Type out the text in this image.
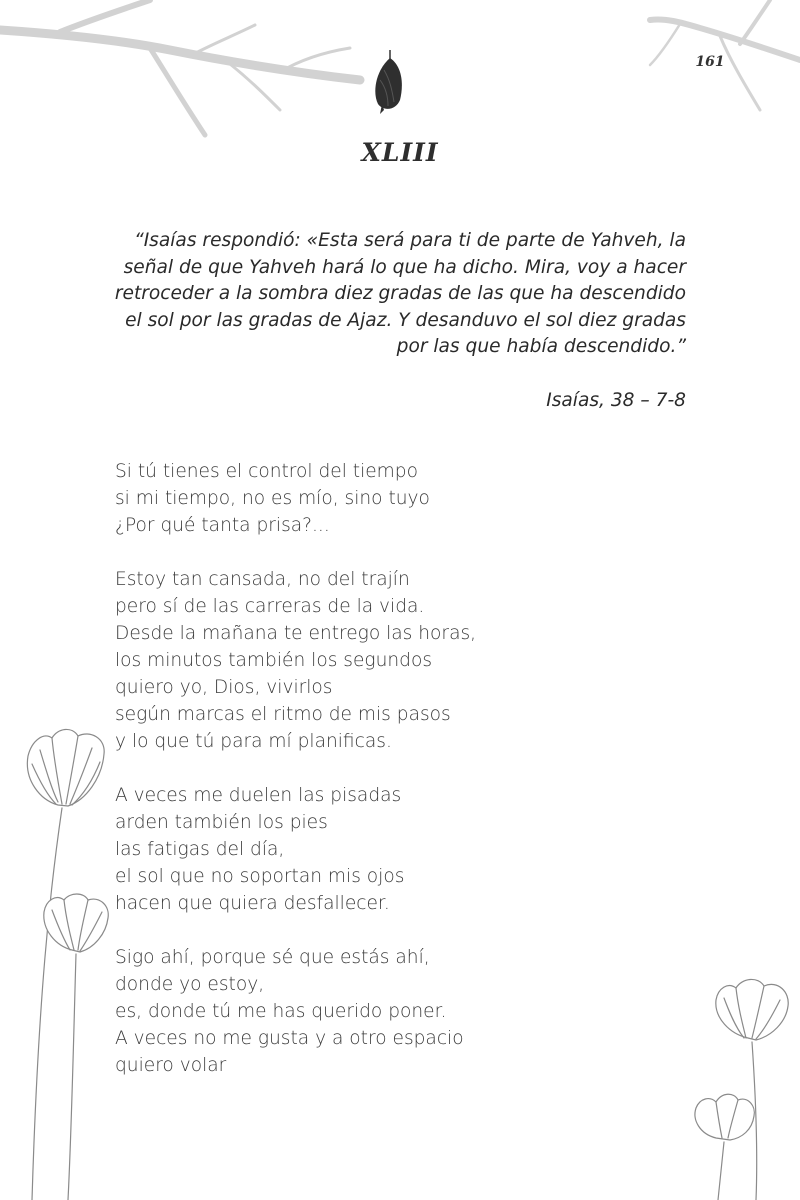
161
XLIII
“Isaías respondió: «Esta será para ti de parte de Yahveh, la
señal de que Yahveh hará lo que ha dicho. Mira, voy a hacer
retroceder a la sombra diez gradas de las que ha descendido
el sol por las gradas de Ajaz. Y desanduvo el sol diez gradas
por las que había descendido.”
Isaías, 38 – 7-8
Si tú tienes el control del tiempo
si mi tiempo, no es mío, sino tuyo
¿Por qué tanta prisa?...
Estoy tan cansada, no del trajín
pero sí de las carreras de la vida.
Desde la mañana te entrego las horas,
los minutos también los segundos
quiero yo, Dios, vivirlos
según marcas el ritmo de mis pasos
y lo que tú para mí planificas.
A veces me duelen las pisadas
arden también los pies
las fatigas del día,
el sol que no soportan mis ojos
hacen que quiera desfallecer.
Sigo ahí, porque sé que estás ahí,
donde yo estoy,
es, donde tú me has querido poner.
A veces no me gusta y a otro espacio
quiero volar
